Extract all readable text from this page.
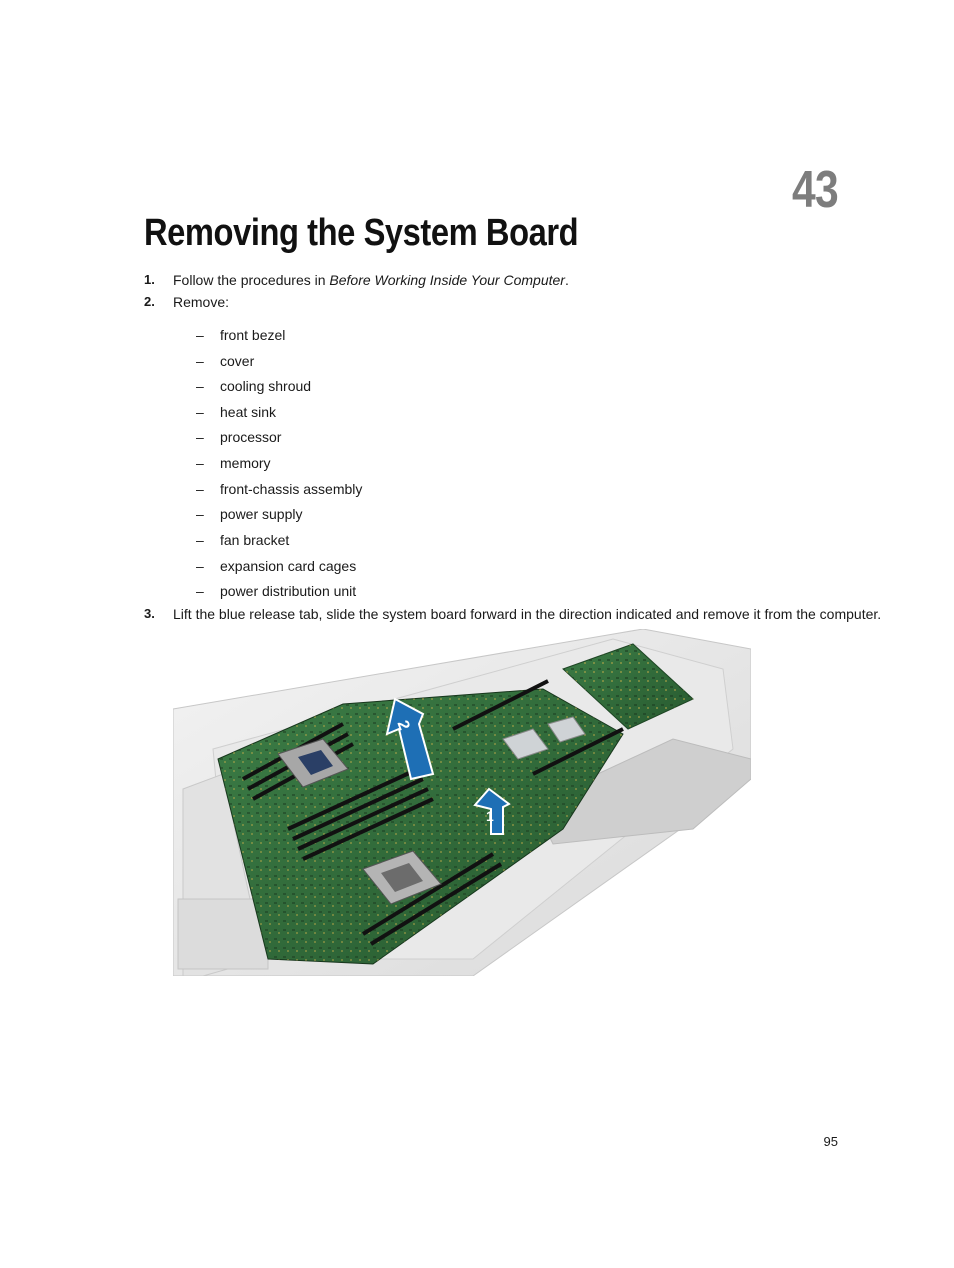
43
Removing the System Board
1. Follow the procedures in Before Working Inside Your Computer.
2. Remove:
– front bezel
– cover
– cooling shroud
– heat sink
– processor
– memory
– front-chassis assembly
– power supply
– fan bracket
– expansion card cages
– power distribution unit
3. Lift the blue release tab, slide the system board forward in the direction indicated and remove it from the computer.
2
1
95
